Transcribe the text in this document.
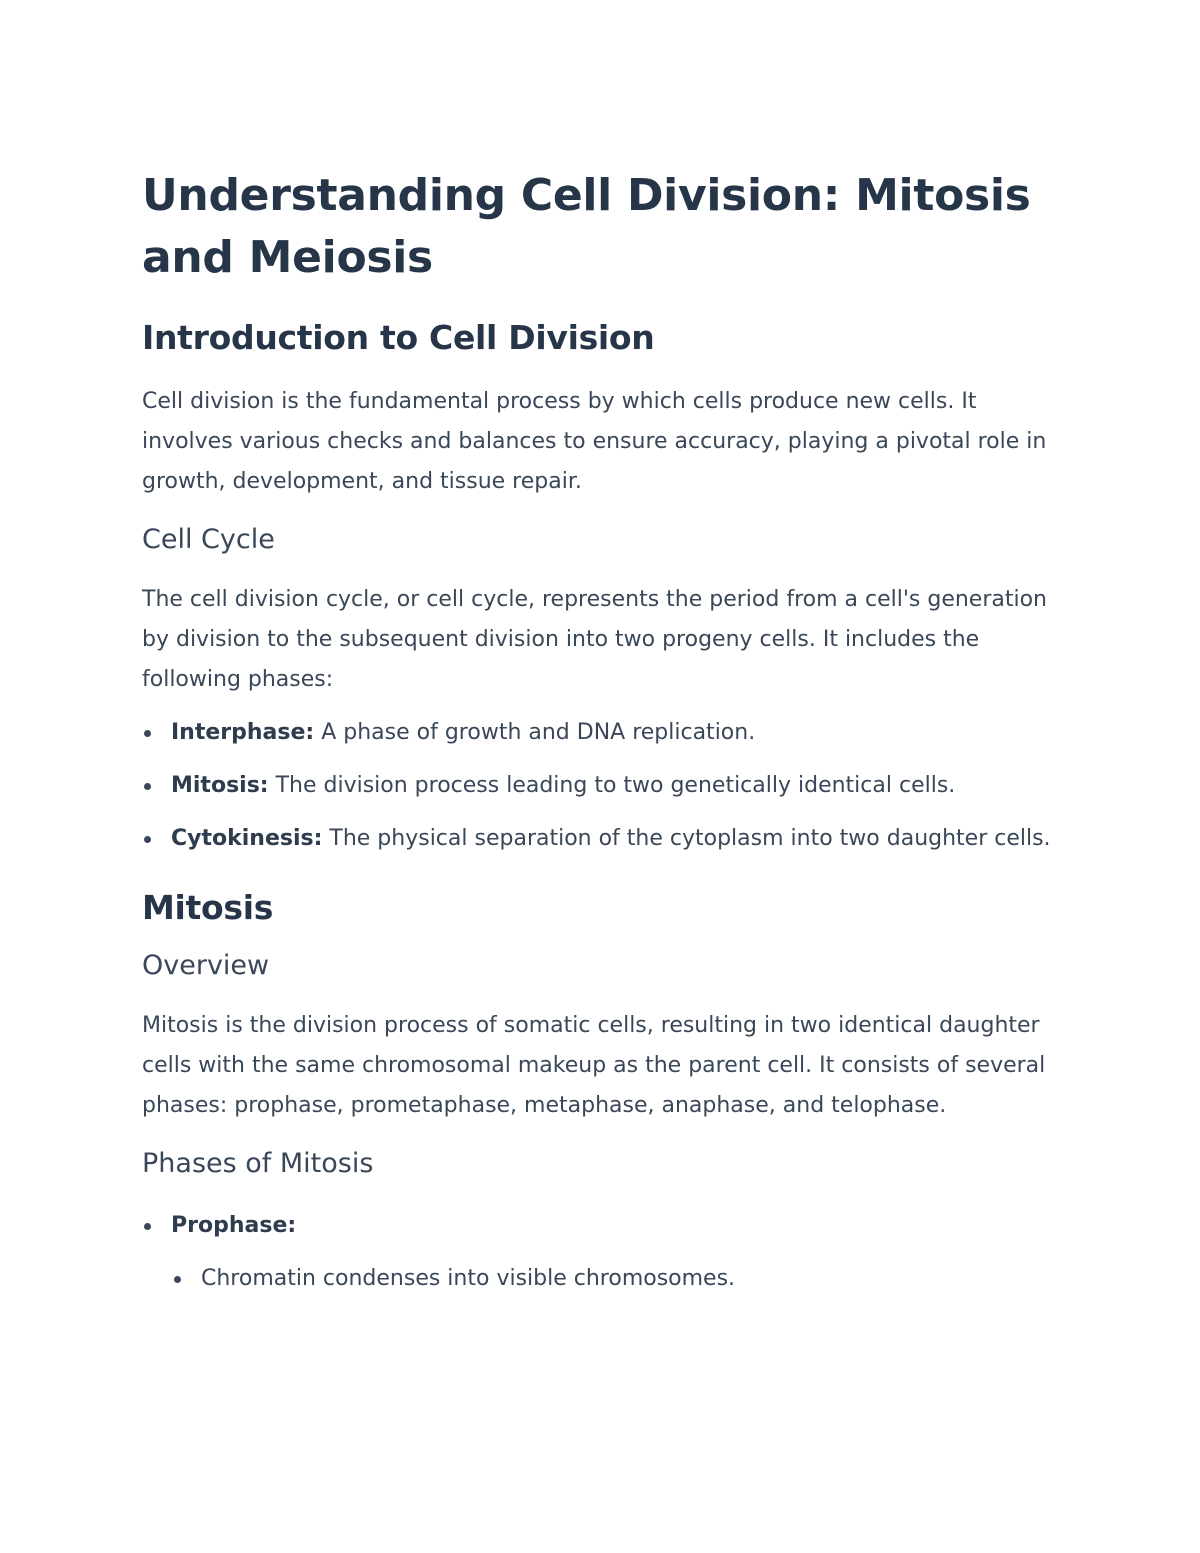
Understanding Cell Division: Mitosis and Meiosis
Introduction to Cell Division

Cell division is the fundamental process by which cells produce new cells. It involves various checks and balances to ensure accuracy, playing a pivotal role in growth, development, and tissue repair.

Cell Cycle

The cell division cycle, or cell cycle, represents the period from a cell's generation by division to the subsequent division into two progeny cells. It includes the following phases:

Interphase: A phase of growth and DNA replication.
Mitosis: The division process leading to two genetically identical cells.
Cytokinesis: The physical separation of the cytoplasm into two daughter cells.
Mitosis
Overview

Mitosis is the division process of somatic cells, resulting in two identical daughter cells with the same chromosomal makeup as the parent cell. It consists of several phases: prophase, prometaphase, metaphase, anaphase, and telophase.

Phases of Mitosis
Prophase:
Chromatin condenses into visible chromosomes.
